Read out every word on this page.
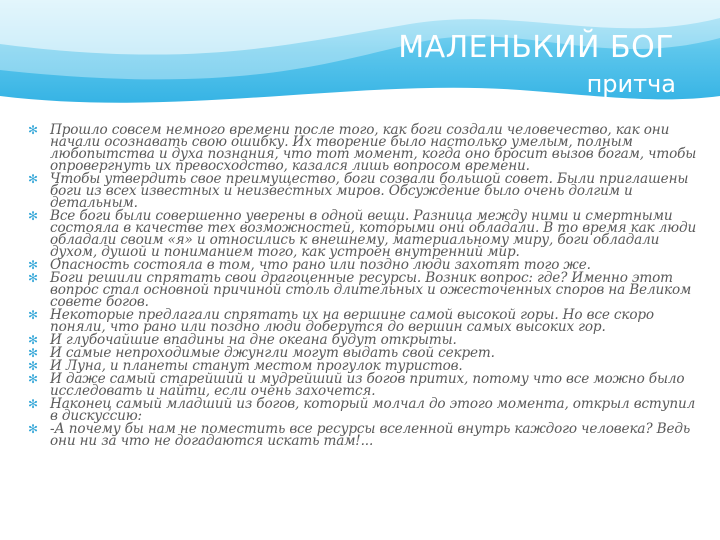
МАЛЕНЬКИЙ БОГ
притча
✻ Прошло совсем немного времени после того, как боги создали человечество, как они начали осознавать свою ошибку. Их творение было настолько умелым, полным любопытства и духа познания, что тот момент, когда оно бросит вызов богам, чтобы опровергнуть их превосходство, казался лишь вопросом времени.
✻ Чтобы утвердить свое преимущество, боги созвали большой совет. Были приглашены боги из всех известных и неизвестных миров. Обсуждение было очень долгим и детальным.
✻ Все боги были совершенно уверены в одной вещи. Разница между ними и смертными состояла в качестве тех возможностей, которыми они обладали. В то время как люди обладали своим «я» и относились к внешнему, материальному миру, боги обладали духом, душой и пониманием того, как устроен внутренний мир.
✻ Опасность состояла в том, что рано или поздно люди захотят того же.
✻ Боги решили спрятать свои драгоценные ресурсы. Возник вопрос: где? Именно этот вопрос стал основной причиной столь длительных и ожесточенных споров на Великом совете богов.
✻ Некоторые предлагали спрятать их на вершине самой высокой горы. Но все скоро поняли, что рано или поздно люди доберутся до вершин самых высоких гор.
✻ И глубочайшие впадины на дне океана будут открыты.
✻ И самые непроходимые джунгли могут выдать свой секрет.
✻ И Луна, и планеты станут местом прогулок туристов.
✻ И даже самый старейший и мудрейший из богов притих, потому что все можно было исследовать и найти, если очень захочется.
✻ Наконец самый младший из богов, который молчал до этого момента, открыл вступил в дискуссию:
✻ -А почему бы нам не поместить все ресурсы вселенной внутрь каждого человека? Ведь они ни за что не догадаются искать там!...
